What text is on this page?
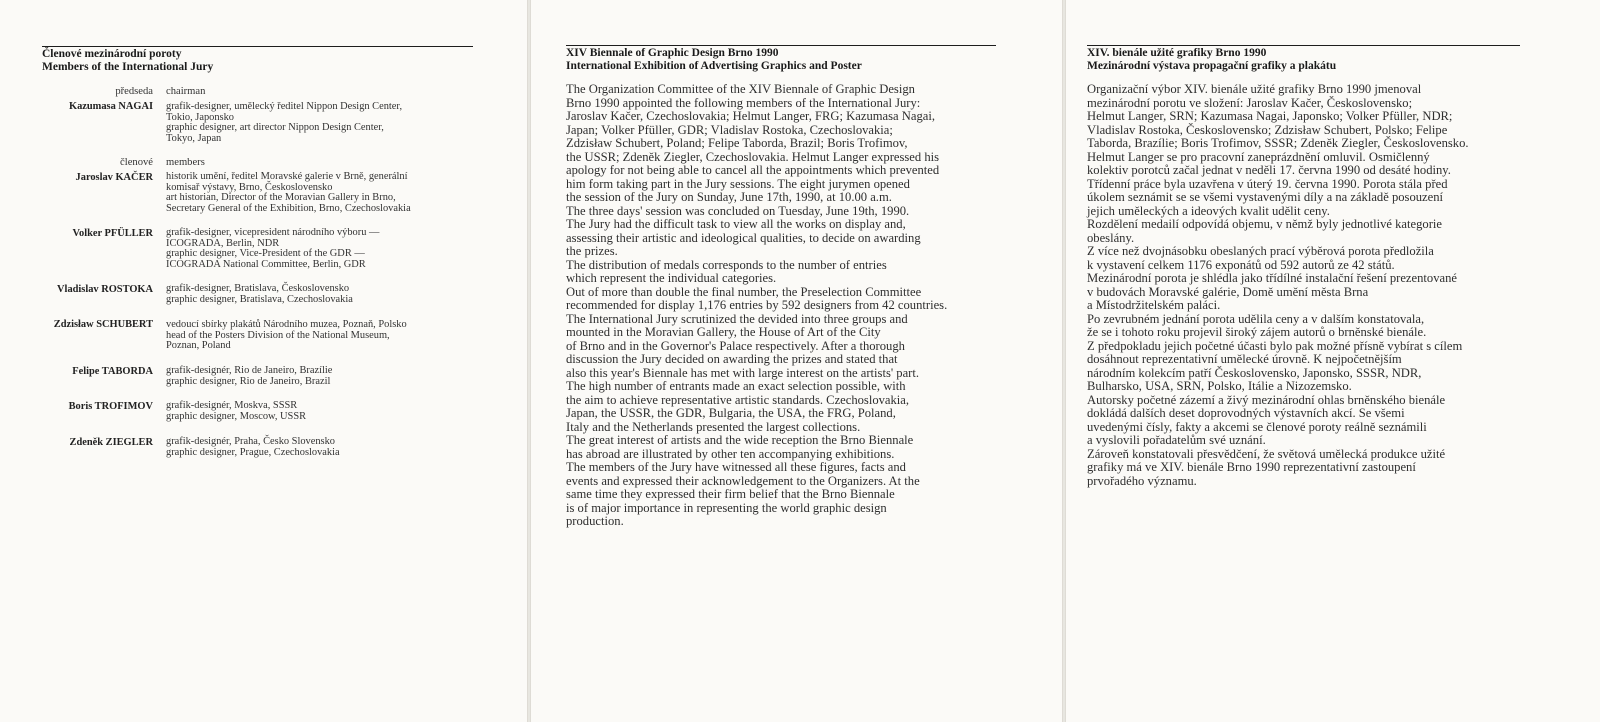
Členové mezinárodní poroty
Members of the International Jury
předseda chairman
Kazumasa NAGAI grafik-designer, umělecký ředitel Nippon Design Center,
Tokio, Japonsko
graphic designer, art director Nippon Design Center,
Tokyo, Japan
členové members
Jaroslav KAČER historik umění, ředitel Moravské galerie v Brně, generální
komisař výstavy, Brno, Československo
art historian, Director of the Moravian Gallery in Brno,
Secretary General of the Exhibition, Brno, Czechoslovakia
Volker PFÜLLER grafik-designer, vicepresident národního výboru —
ICOGRADA, Berlin, NDR
graphic designer, Vice-President of the GDR —
ICOGRADA National Committee, Berlin, GDR
Vladislav ROSTOKA grafik-designer, Bratislava, Československo
graphic designer, Bratislava, Czechoslovakia
Zdzisław SCHUBERT vedoucí sbírky plakátů Národního muzea, Poznaň, Polsko
head of the Posters Division of the National Museum,
Poznan, Poland
Felipe TABORDA grafik-designér, Rio de Janeiro, Brazílie
graphic designer, Rio de Janeiro, Brazil
Boris TROFIMOV grafik-designér, Moskva, SSSR
graphic designer, Moscow, USSR
Zdeněk ZIEGLER grafik-designér, Praha, Česko Slovensko
graphic designer, Prague, Czechoslovakia
XIV Biennale of Graphic Design Brno 1990
International Exhibition of Advertising Graphics and Poster
The Organization Committee of the XIV Biennale of Graphic Design
Brno 1990 appointed the following members of the International Jury:
Jaroslav Kačer, Czechoslovakia; Helmut Langer, FRG; Kazumasa Nagai,
Japan; Volker Pfüller, GDR; Vladislav Rostoka, Czechoslovakia;
Zdzisław Schubert, Poland; Felipe Taborda, Brazil; Boris Trofimov,
the USSR; Zdeněk Ziegler, Czechoslovakia. Helmut Langer expressed his
apology for not being able to cancel all the appointments which prevented
him form taking part in the Jury sessions. The eight jurymen opened
the session of the Jury on Sunday, June 17th, 1990, at 10.00 a.m.
The three days' session was concluded on Tuesday, June 19th, 1990.
The Jury had the difficult task to view all the works on display and,
assessing their artistic and ideological qualities, to decide on awarding
the prizes.
The distribution of medals corresponds to the number of entries
which represent the individual categories.
Out of more than double the final number, the Preselection Committee
recommended for display 1,176 entries by 592 designers from 42 countries.
The International Jury scrutinized the devided into three groups and
mounted in the Moravian Gallery, the House of Art of the City
of Brno and in the Governor's Palace respectively. After a thorough
discussion the Jury decided on awarding the prizes and stated that
also this year's Biennale has met with large interest on the artists' part.
The high number of entrants made an exact selection possible, with
the aim to achieve representative artistic standards. Czechoslovakia,
Japan, the USSR, the GDR, Bulgaria, the USA, the FRG, Poland,
Italy and the Netherlands presented the largest collections.
The great interest of artists and the wide reception the Brno Biennale
has abroad are illustrated by other ten accompanying exhibitions.
The members of the Jury have witnessed all these figures, facts and
events and expressed their acknowledgement to the Organizers. At the
same time they expressed their firm belief that the Brno Biennale
is of major importance in representing the world graphic design
production.
XIV. bienále užité grafiky Brno 1990
Mezinárodní výstava propagační grafiky a plakátu
Organizační výbor XIV. bienále užité grafiky Brno 1990 jmenoval
mezinárodní porotu ve složení: Jaroslav Kačer, Československo;
Helmut Langer, SRN; Kazumasa Nagai, Japonsko; Volker Pfüller, NDR;
Vladislav Rostoka, Československo; Zdzisław Schubert, Polsko; Felipe
Taborda, Brazílie; Boris Trofimov, SSSR; Zdeněk Ziegler, Československo.
Helmut Langer se pro pracovní zaneprázdnění omluvil. Osmičlenný
kolektiv porotců začal jednat v neděli 17. června 1990 od desáté hodiny.
Třídenní práce byla uzavřena v úterý 19. června 1990. Porota stála před
úkolem seznámit se se všemi vystavenými díly a na základě posouzení
jejich uměleckých a ideových kvalit udělit ceny.
Rozdělení medailí odpovídá objemu, v němž byly jednotlivé kategorie
obeslány.
Z více než dvojnásobku obeslaných prací výběrová porota předložila
k vystavení celkem 1176 exponátů od 592 autorů ze 42 států.
Mezinárodní porota je shlédla jako třídílné instalační řešení prezentované
v budovách Moravské galérie, Domě umění města Brna
a Místodržitelském paláci.
Po zevrubném jednání porota udělila ceny a v dalším konstatovala,
že se i tohoto roku projevil široký zájem autorů o brněnské bienále.
Z předpokladu jejich početné účasti bylo pak možné přísně vybírat s cílem
dosáhnout reprezentativní umělecké úrovně. K nejpočetnějším
národním kolekcím patří Československo, Japonsko, SSSR, NDR,
Bulharsko, USA, SRN, Polsko, Itálie a Nizozemsko.
Autorsky početné zázemí a živý mezinárodní ohlas brněnského bienále
dokládá dalších deset doprovodných výstavních akcí. Se všemi
uvedenými čísly, fakty a akcemi se členové poroty reálně seznámili
a vyslovili pořadatelům své uznání.
Zároveň konstatovali přesvědčení, že světová umělecká produkce užité
grafiky má ve XIV. bienále Brno 1990 reprezentativní zastoupení
prvořadého významu.
